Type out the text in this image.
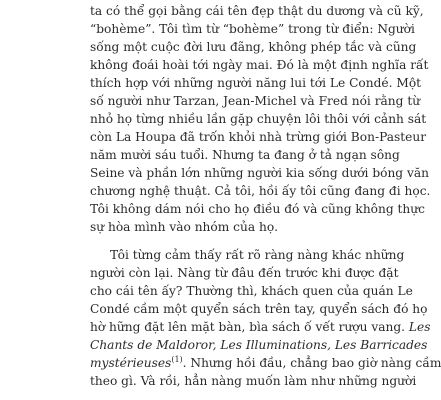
ta có thể gọi bằng cái tên đẹp thật du dương và cũ kỹ,
“bohème”. Tôi tìm từ “bohème” trong từ điển: Người
sống một cuộc đời lưu đãng, không phép tắc và cũng
không đoái hoài tới ngày mai. Đó là một định nghĩa rất
thích hợp với những người năng lui tới Le Condé. Một
số người như Tarzan, Jean-Michel và Fred nói rằng từ
nhỏ họ từng nhiều lần gặp chuyện lôi thôi với cảnh sát
còn La Houpa đã trốn khỏi nhà trừng giới Bon-Pasteur
năm mười sáu tuổi. Nhưng ta đang ở tả ngạn sông
Seine và phần lớn những người kia sống dưới bóng văn
chương nghệ thuật. Cả tôi, hồi ấy tôi cũng đang đi học.
Tôi không dám nói cho họ điều đó và cũng không thực
sự hòa mình vào nhóm của họ.
Tôi từng cảm thấy rất rõ ràng nàng khác những
người còn lại. Nàng từ đâu đến trước khi được đặt
cho cái tên ấy? Thường thì, khách quen của quán Le
Condé cầm một quyển sách trên tay, quyển sách đó họ
hờ hững đặt lên mặt bàn, bìa sách ố vết rượu vang. Les
Chants de Maldoror, Les Illuminations, Les Barricades
mystérieuses$^{(1)}$. Nhưng hồi đầu, chẳng bao giờ nàng cầm
theo gì. Và rồi, hẳn nàng muốn làm như những người
